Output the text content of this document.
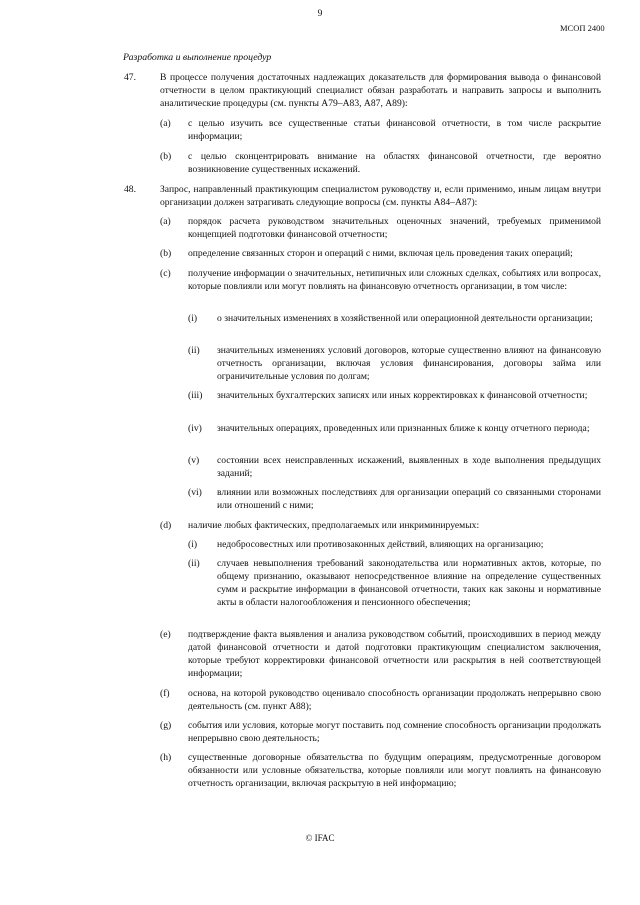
9
МСОП 2400
Разработка и выполнение процедур
47.	В процессе получения достаточных надлежащих доказательств для формирования вывода о финансовой отчетности в целом практикующий специалист обязан разработать и направить запросы и выполнить аналитические процедуры (см. пункты А79–А83, А87, А89):
(a) с целью изучить все существенные статьи финансовой отчетности, в том числе раскрытие информации;
(b) с целью сконцентрировать внимание на областях финансовой отчетности, где вероятно возникновение существенных искажений.
48.	Запрос, направленный практикующим специалистом руководству и, если применимо, иным лицам внутри организации должен затрагивать следующие вопросы (см. пункты А84–А87):
(a) порядок расчета руководством значительных оценочных значений, требуемых применимой концепцией подготовки финансовой отчетности;
(b) определение связанных сторон и операций с ними, включая цель проведения таких операций;
(c) получение информации о значительных, нетипичных или сложных сделках, событиях или вопросах, которые повлияли или могут повлиять на финансовую отчетность организации, в том числе:
(i) о значительных изменениях в хозяйственной или операционной деятельности организации;
(ii) значительных изменениях условий договоров, которые существенно влияют на финансовую отчетность организации, включая условия финансирования, договоры займа или ограничительные условия по долгам;
(iii) значительных бухгалтерских записях или иных корректировках к финансовой отчетности;
(iv) значительных операциях, проведенных или признанных ближе к концу отчетного периода;
(v) состоянии всех неисправленных искажений, выявленных в ходе выполнения предыдущих заданий;
(vi) влиянии или возможных последствиях для организации операций со связанными сторонами или отношений с ними;
(d) наличие любых фактических, предполагаемых или инкриминируемых:
(i) недобросовестных или противозаконных действий, влияющих на организацию;
(ii) случаев невыполнения требований законодательства или нормативных актов, которые, по общему признанию, оказывают непосредственное влияние на определение существенных сумм и раскрытие информации в финансовой отчетности, таких как законы и нормативные акты в области налогообложения и пенсионного обеспечения;
(e) подтверждение факта выявления и анализа руководством событий, происходивших в период между датой финансовой отчетности и датой подготовки практикующим специалистом заключения, которые требуют корректировки финансовой отчетности или раскрытия в ней соответствующей информации;
(f) основа, на которой руководство оценивало способность организации продолжать непрерывно свою деятельность (см. пункт А88);
(g) события или условия, которые могут поставить под сомнение способность организации продолжать непрерывно свою деятельность;
(h) существенные договорные обязательства по будущим операциям, предусмотренные договором обязанности или условные обязательства, которые повлияли или могут повлиять на финансовую отчетность организации, включая раскрытую в ней информацию;
© IFAC
